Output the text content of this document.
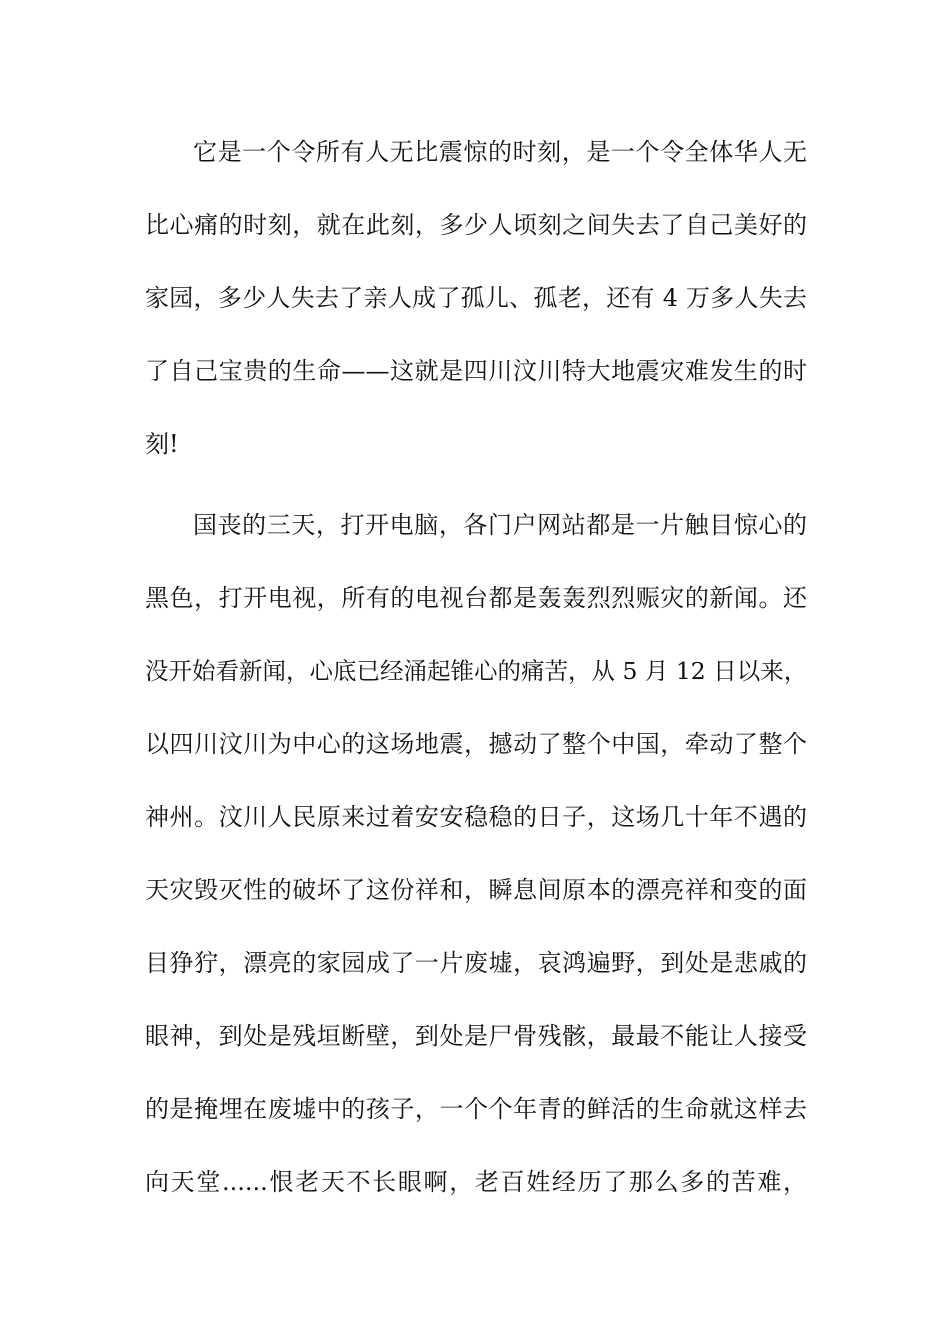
它是一个令所有人无比震惊的时刻，是一个令全体华人无
比心痛的时刻，就在此刻，多少人顷刻之间失去了自己美好的
家园，多少人失去了亲人成了孤儿、孤老，还有 4 万多人失去
了自己宝贵的生命——这就是四川汶川特大地震灾难发生的时
刻!
国丧的三天，打开电脑，各门户网站都是一片触目惊心的
黑色，打开电视，所有的电视台都是轰轰烈烈赈灾的新闻。还
没开始看新闻，心底已经涌起锥心的痛苦，从 5 月 12 日以来，
以四川汶川为中心的这场地震，撼动了整个中国，牵动了整个
神州。汶川人民原来过着安安稳稳的日子，这场几十年不遇的
天灾毁灭性的破坏了这份祥和，瞬息间原本的漂亮祥和变的面
目狰狞，漂亮的家园成了一片废墟，哀鸿遍野，到处是悲戚的
眼神，到处是残垣断壁，到处是尸骨残骸，最最不能让人接受
的是掩埋在废墟中的孩子，一个个年青的鲜活的生命就这样去
向天堂......恨老天不长眼啊，老百姓经历了那么多的苦难，
